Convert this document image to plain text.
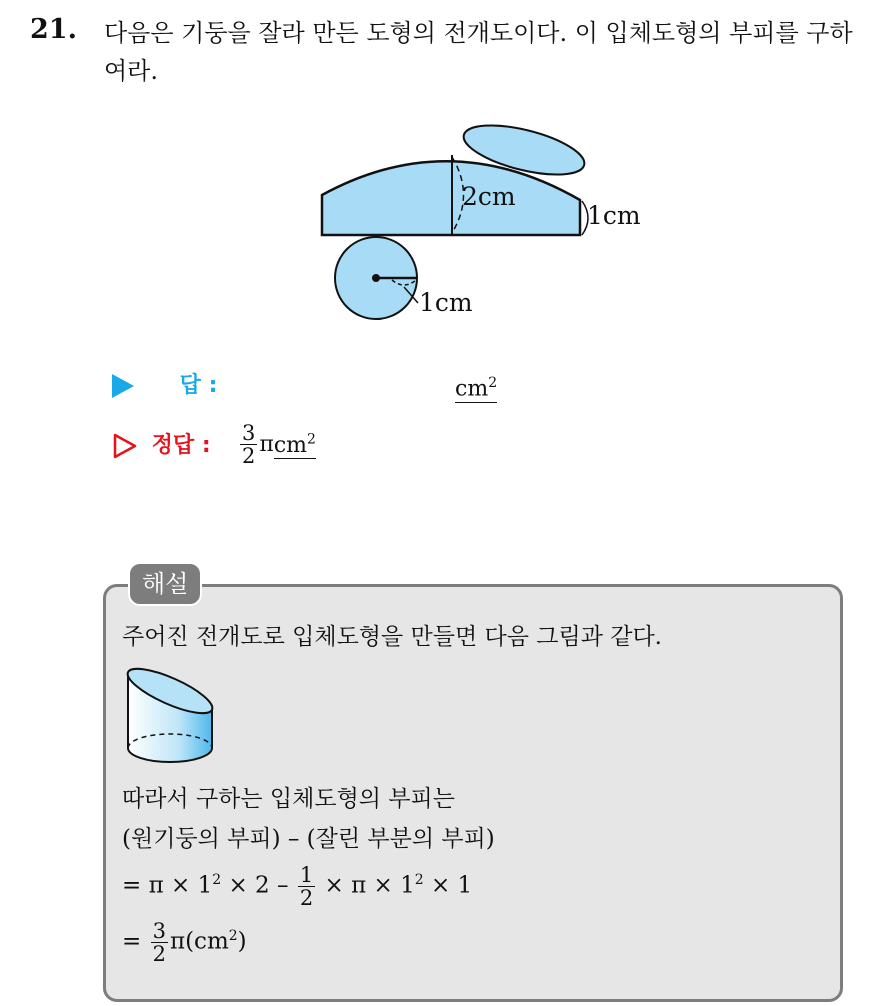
21. 다음은 기둥을 잘라 만든 도형의 전개도이다. 이 입체도형의 부피를 구하여라.
2cm
1cm
1cm
답 :	$cm^2$
정답 : $\frac{3}{2} \pi cm^2$
해설
주어진 전개도로 입체도형을 만들면 다음 그림과 같다.
따라서 구하는 입체도형의 부피는
(원기둥의 부피) – (잘린 부분의 부피)
= $\pi \times 1^2 \times 2 - \frac{1}{2} \times \pi \times 1^2 \times 1$
= $\frac{3}{2} \pi(cm^2)$
